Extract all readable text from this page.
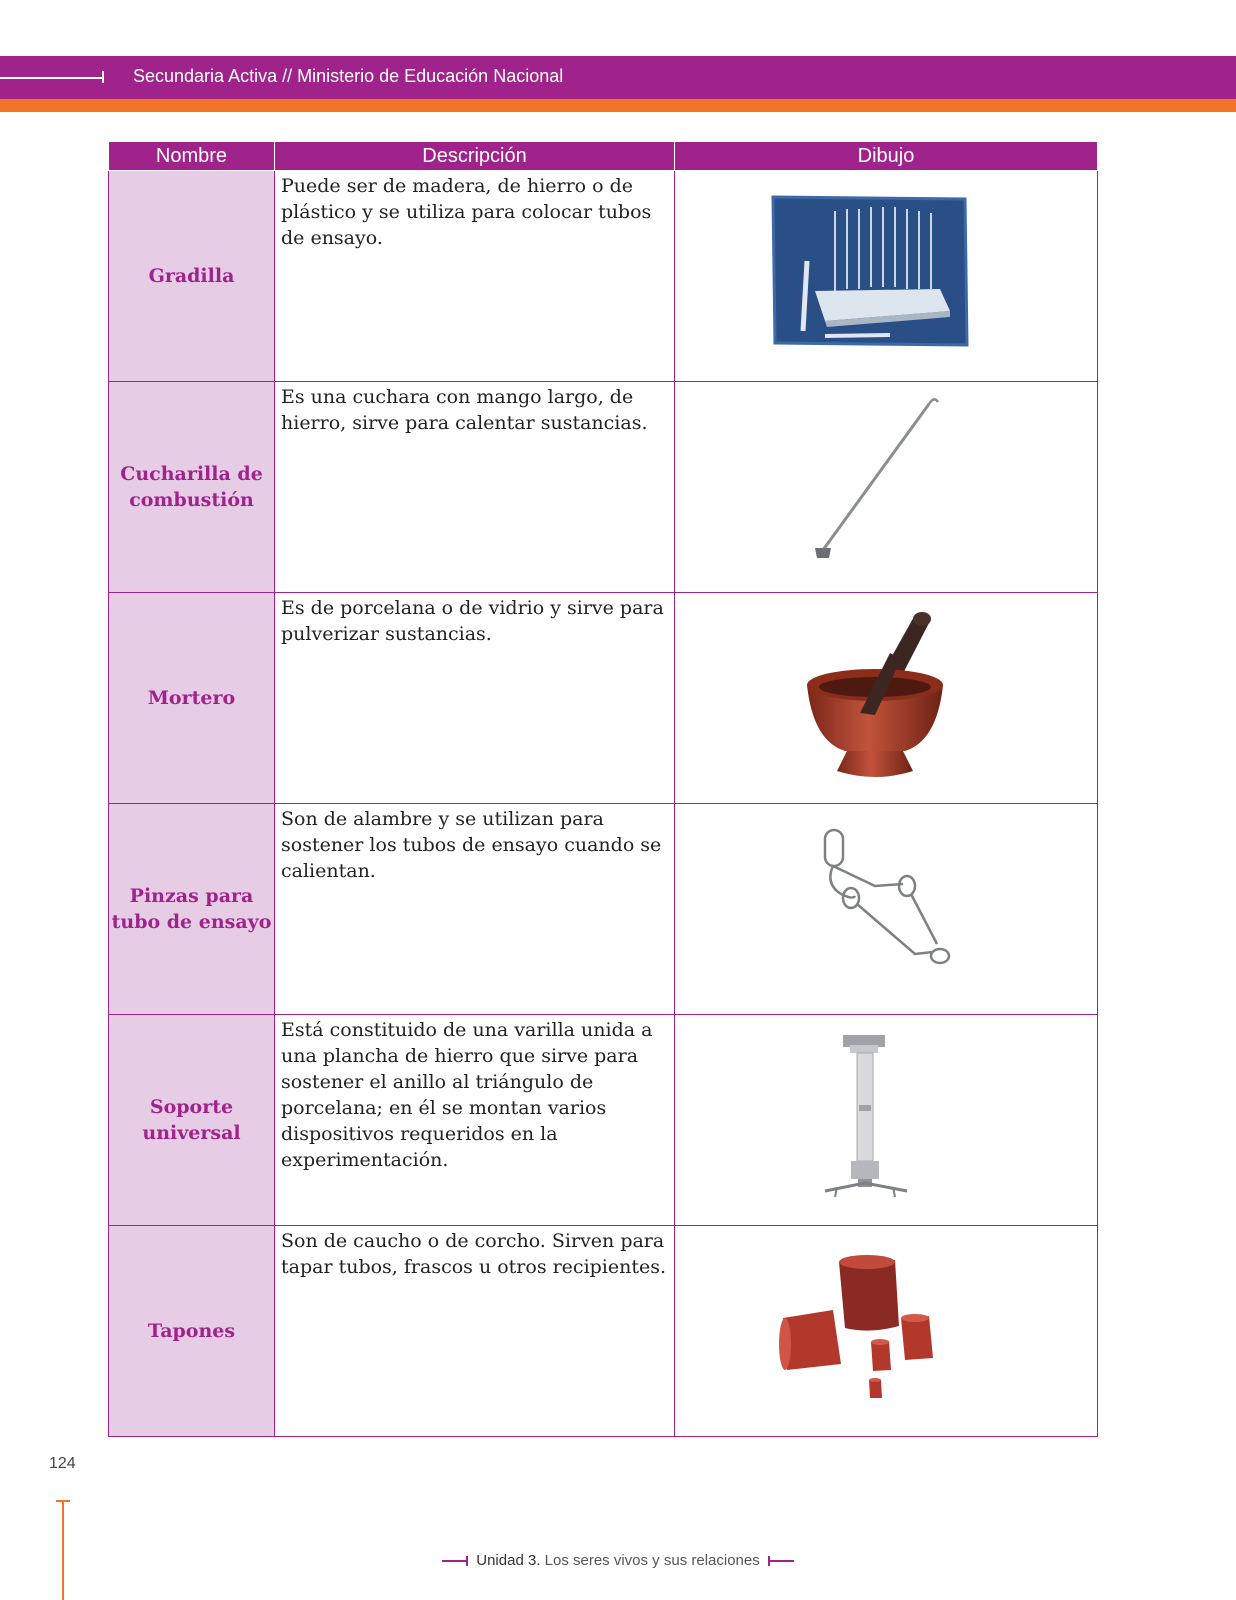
Secundaria Activa // Ministerio de Educación Nacional
Nombre	Descripción	Dibujo
Gradilla	Puede ser de madera, de hierro o de plástico y se utiliza para colocar tubos de ensayo.	

Cucharilla de combustión	Es una cuchara con mango largo, de hierro, sirve para calentar sustancias.	

Mortero	Es de porcelana o de vidrio y sirve para pulverizar sustancias.	

Pinzas para tubo de ensayo	Son de alambre y se utilizan para sostener los tubos de ensayo cuando se calientan.	

Soporte universal	Está constituido de una varilla unida a una plancha de hierro que sirve para sostener el anillo al triángulo de porcelana; en él se montan varios dispositivos requeridos en la experimentación.	

Tapones	Son de caucho o de corcho. Sirven para tapar tubos, frascos u otros recipientes.	
124
Unidad 3. Los seres vivos y sus relaciones
